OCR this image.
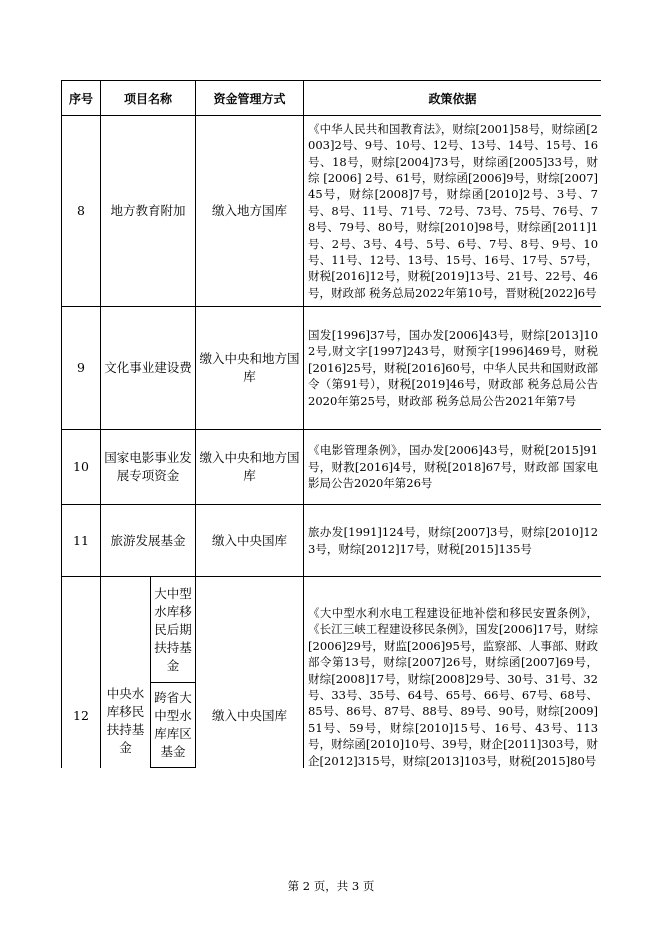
序号	项目名称		资金管理方式	政策依据
8	地方教育附加		缴入地方国库	《中华人民共和国教育法》，财综[2001]58号，财综函[2003]2号、9号、10号、12号、13号、14号、15号、16号、18号，财综[2004]73号，财综函[2005]33号，财综 [2006] 2号、61号，财综函[2006]9号，财综[2007]45号，财综[2008]7号，财综函[2010]2号、3号、7号、8号、11号、71号、72号、73号、75号、76号、78号、79号、80号，财综[2010]98号，财综函[2011]1号、2号、3号、4号、5号、6号、7号、8号、9号、10号、11号、12号、13号、15号、16号、17号、57号，财税[2016]12号，财税[2019]13号、21号、22号、46号，财政部 税务总局2022年第10号，晋财税[2022]6号
9	文化事业建设费		缴入中央和地方国库	国发[1996]37号，国办发[2006]43号，财综[2013]102号,财文字[1997]243号，财预字[1996]469号，财税[2016]25号，财税[2016]60号，中华人民共和国财政部令（第91号），财税[2019]46号，财政部 税务总局公告2020年第25号，财政部 税务总局公告2021年第7号
10	国家电影事业发展专项资金		缴入中央和地方国库	《电影管理条例》，国办发[2006]43号，财税[2015]91号，财教[2016]4号，财税[2018]67号，财政部 国家电影局公告2020年第26号
11	旅游发展基金		缴入中央国库	旅办发[1991]124号，财综[2007]3号，财综[2010]123号，财综[2012]17号，财税[2015]135号
12	中央水库移民扶持基金	大中型水库移民后期扶持基金	缴入中央国库	《大中型水利水电工程建设征地补偿和移民安置条例》，《长江三峡工程建设移民条例》，国发[2006]17号，财综[2006]29号，财监[2006]95号，监察部、人事部、财政部令第13号，财综[2007]26号，财综函[2007]69号，财综[2008]17号，财综[2008]29号、30号、31号、32号、33号、35号、64号、65号、66号、67号、68号、85号、86号、87号、88号、89号、90号，财综[2009]51号、59号，财综[2010]15号、16号、43号、113号，财综函[2010]10号、39号，财企[2011]303号，财企[2012]315号，财综[2013]103号，财税[2015]80号
		跨省大中型水库库区基金		

第 2 页，共 3 页
